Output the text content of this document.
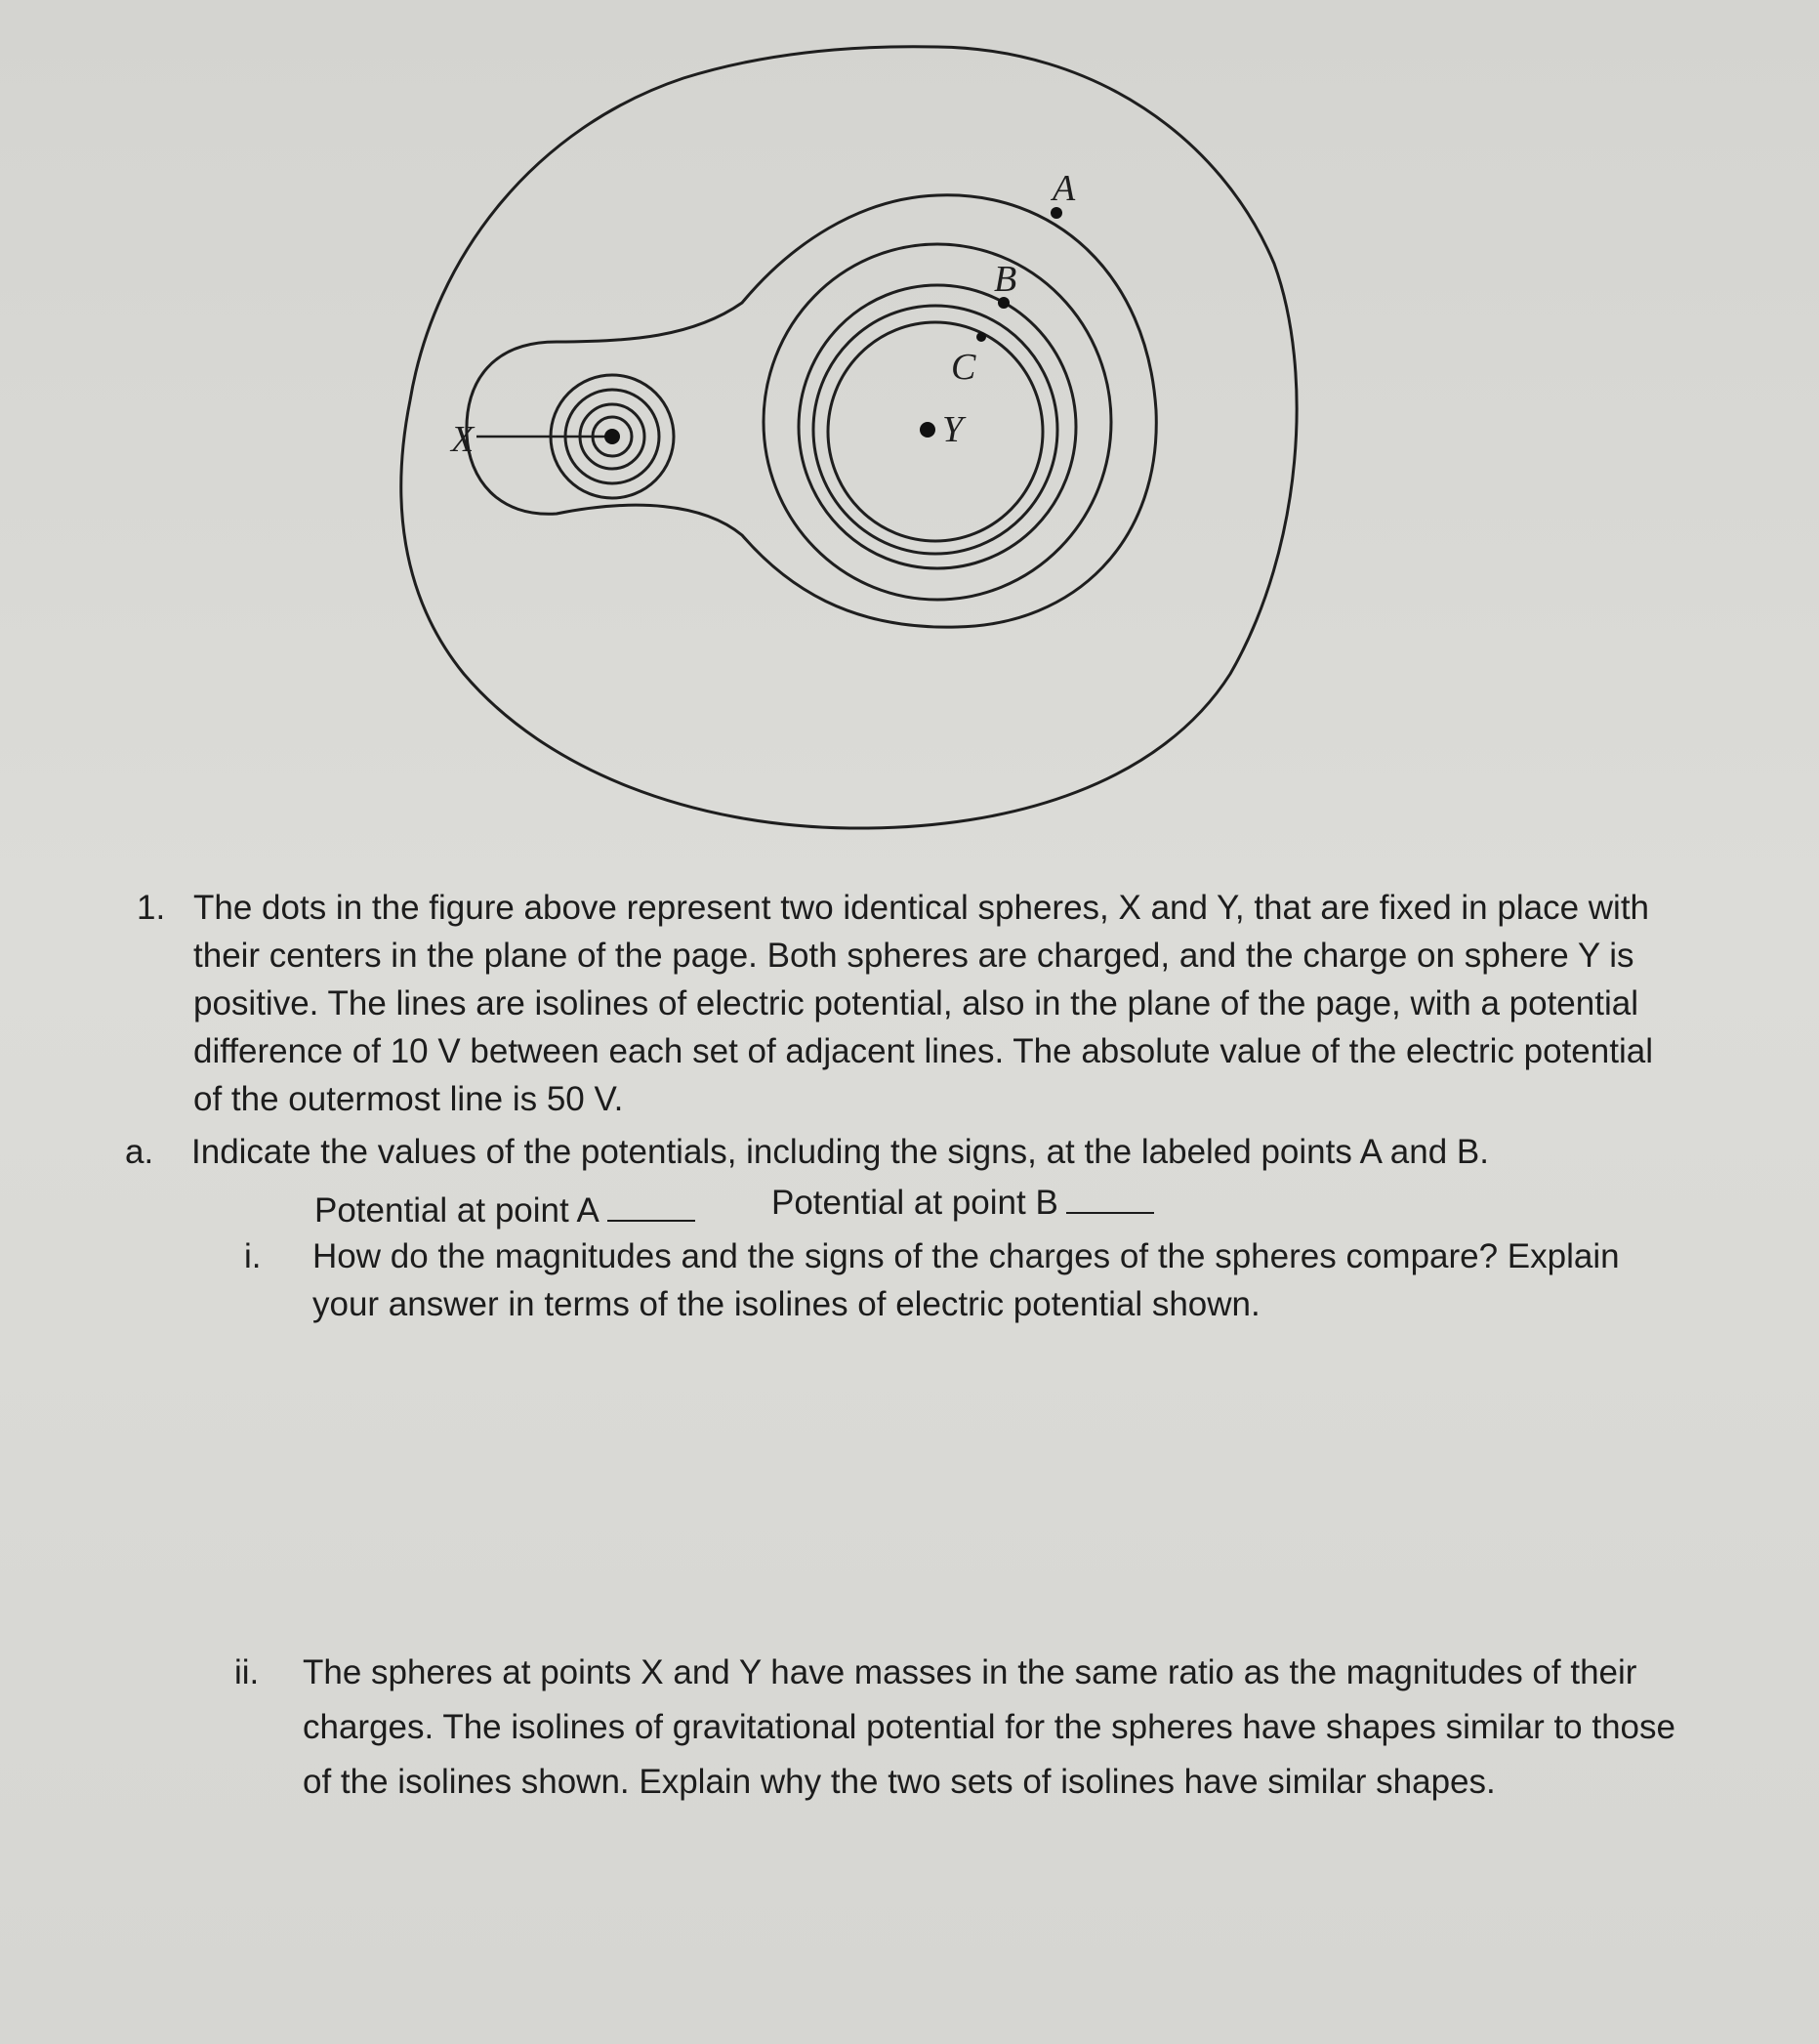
X	Y
A
B
C
1. The dots in the figure above represent two identical spheres, X and Y, that are fixed in place with their centers in the plane of the page. Both spheres are charged, and the charge on sphere Y is positive. The lines are isolines of electric potential, also in the plane of the page, with a potential difference of 10 V between each set of adjacent lines. The absolute value of the electric potential of the outermost line is 50 V.
a. Indicate the values of the potentials, including the signs, at the labeled points A and B.
Potential at point A	Potential at point B
i. How do the magnitudes and the signs of the charges of the spheres compare? Explain your answer in terms of the isolines of electric potential shown.
ii. The spheres at points X and Y have masses in the same ratio as the magnitudes of their charges. The isolines of gravitational potential for the spheres have shapes similar to those of the isolines shown. Explain why the two sets of isolines have similar shapes.
